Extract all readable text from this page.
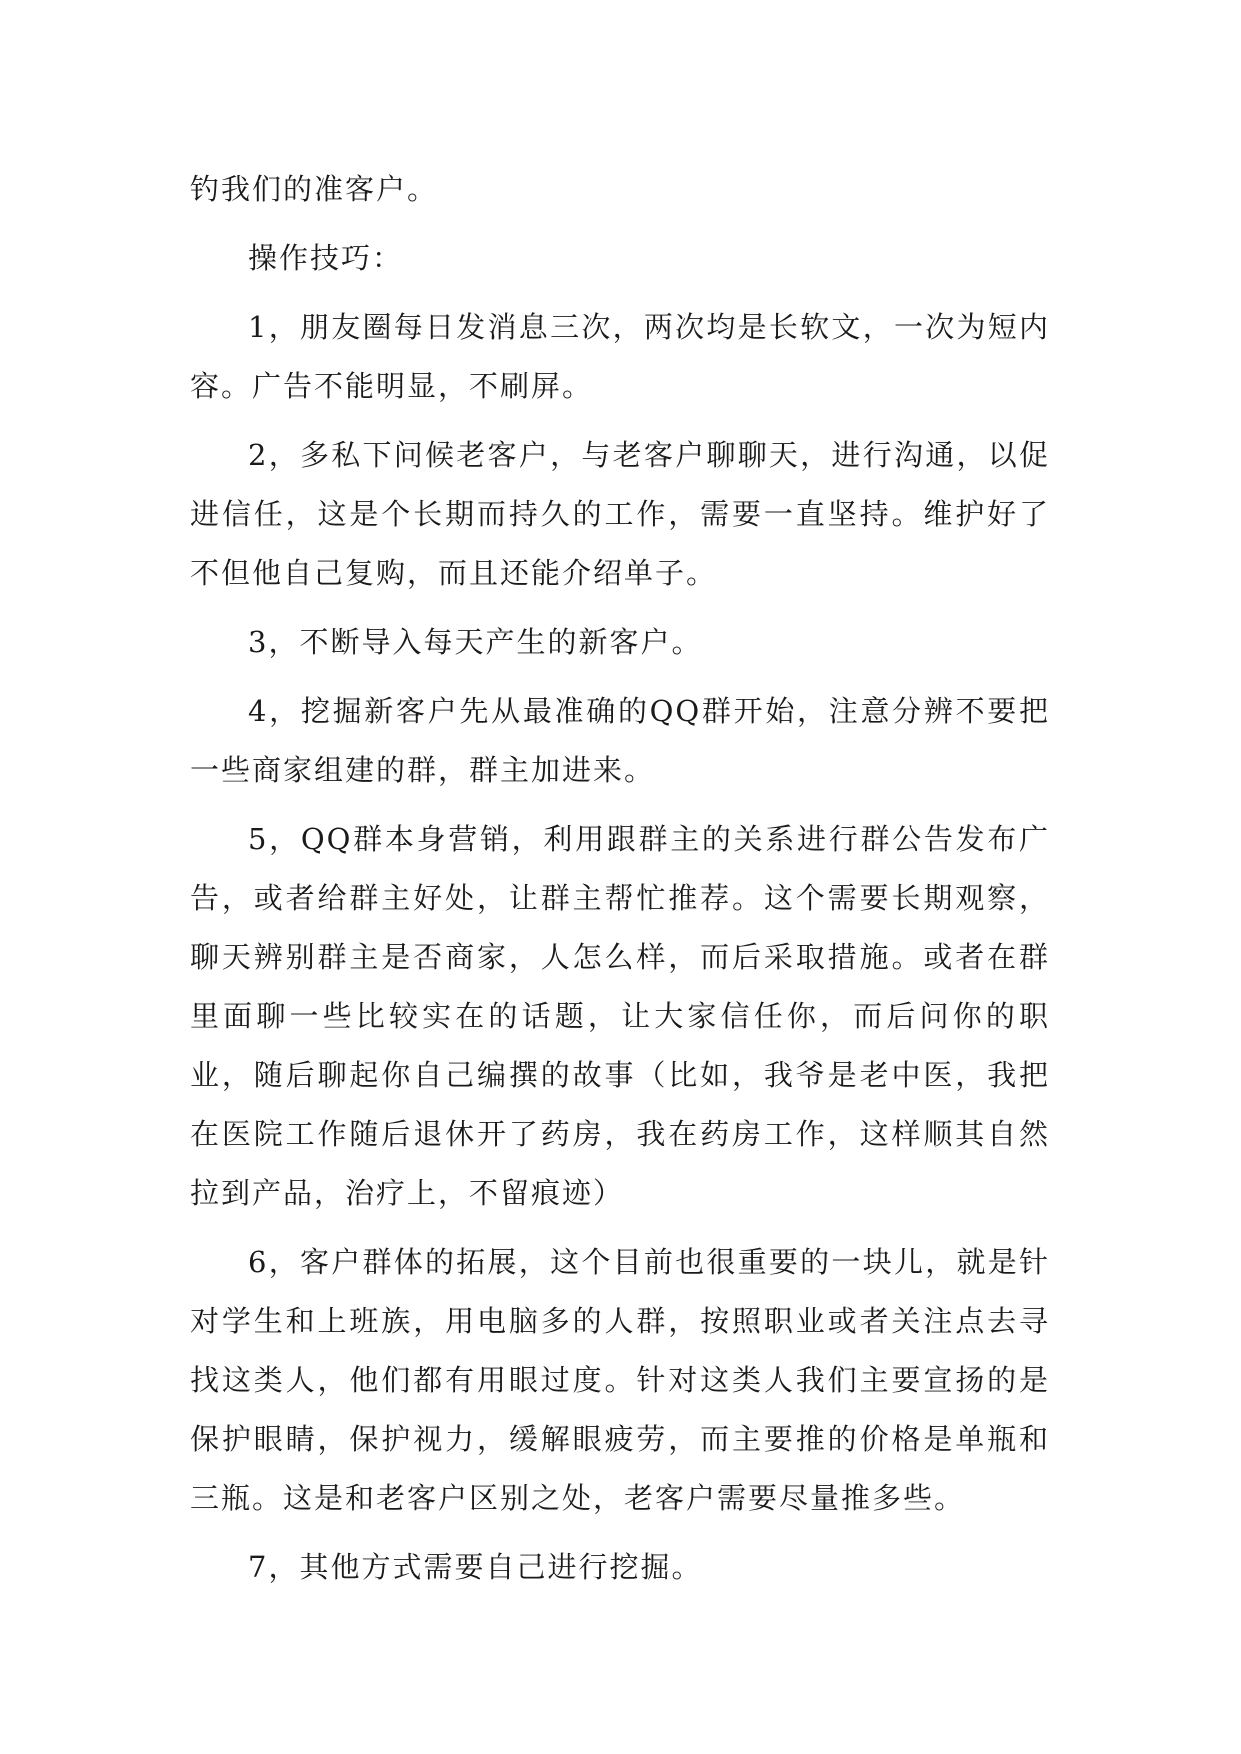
钓我们的准客户。

操作技巧：

1，朋友圈每日发消息三次，两次均是长软文，一次为短内容。广告不能明显，不刷屏。

2，多私下问候老客户，与老客户聊聊天，进行沟通，以促进信任，这是个长期而持久的工作，需要一直坚持。维护好了不但他自己复购，而且还能介绍单子。

3，不断导入每天产生的新客户。

4，挖掘新客户先从最准确的QQ群开始，注意分辨不要把一些商家组建的群，群主加进来。

5，QQ群本身营销，利用跟群主的关系进行群公告发布广告，或者给群主好处，让群主帮忙推荐。这个需要长期观察，聊天辨别群主是否商家，人怎么样，而后采取措施。或者在群里面聊一些比较实在的话题，让大家信任你，而后问你的职业，随后聊起你自己编撰的故事（比如，我爷是老中医，我把在医院工作随后退休开了药房，我在药房工作，这样顺其自然拉到产品，治疗上，不留痕迹）

6，客户群体的拓展，这个目前也很重要的一块儿，就是针对学生和上班族，用电脑多的人群，按照职业或者关注点去寻找这类人，他们都有用眼过度。针对这类人我们主要宣扬的是保护眼睛，保护视力，缓解眼疲劳，而主要推的价格是单瓶和三瓶。这是和老客户区别之处，老客户需要尽量推多些。

7，其他方式需要自己进行挖掘。
